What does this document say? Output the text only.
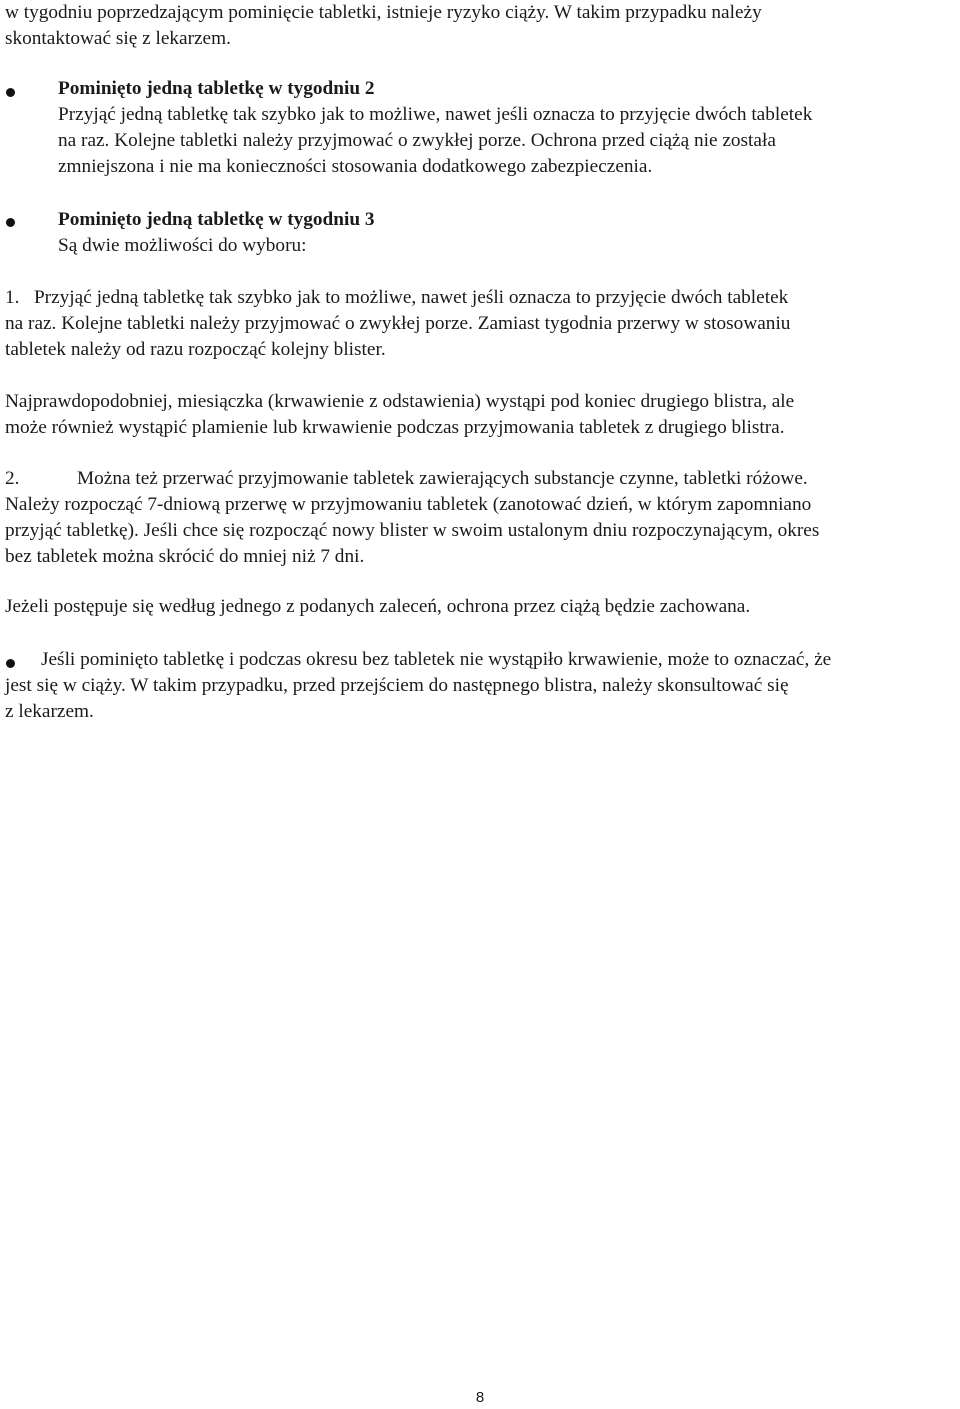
w tygodniu poprzedzającym pominięcie tabletki, istnieje ryzyko ciąży. W takim przypadku należy
skontaktować się z lekarzem.

Pominięto jedną tabletkę w tygodniu 2
Przyjąć jedną tabletkę tak szybko jak to możliwe, nawet jeśli oznacza to przyjęcie dwóch tabletek
na raz. Kolejne tabletki należy przyjmować o zwykłej porze. Ochrona przed ciążą nie została
zmniejszona i nie ma konieczności stosowania dodatkowego zabezpieczenia.

Pominięto jedną tabletkę w tygodniu 3
Są dwie możliwości do wyboru:

1. Przyjąć jedną tabletkę tak szybko jak to możliwe, nawet jeśli oznacza to przyjęcie dwóch tabletek
na raz. Kolejne tabletki należy przyjmować o zwykłej porze. Zamiast tygodnia przerwy w stosowaniu
tabletek należy od razu rozpocząć kolejny blister.

Najprawdopodobniej, miesiączka (krwawienie z odstawienia) wystąpi pod koniec drugiego blistra, ale
może również wystąpić plamienie lub krwawienie podczas przyjmowania tabletek z drugiego blistra.

2.	Można też przerwać przyjmowanie tabletek zawierających substancje czynne, tabletki różowe.
Należy rozpocząć 7-dniową przerwę w przyjmowaniu tabletek (zanotować dzień, w którym zapomniano
przyjąć tabletkę). Jeśli chce się rozpocząć nowy blister w swoim ustalonym dniu rozpoczynającym, okres
bez tabletek można skrócić do mniej niż 7 dni.

Jeżeli postępuje się według jednego z podanych zaleceń, ochrona przez ciążą będzie zachowana.

Jeśli pominięto tabletkę i podczas okresu bez tabletek nie wystąpiło krwawienie, może to oznaczać, że
jest się w ciąży. W takim przypadku, przed przejściem do następnego blistra, należy skonsultować się
z lekarzem.

8
